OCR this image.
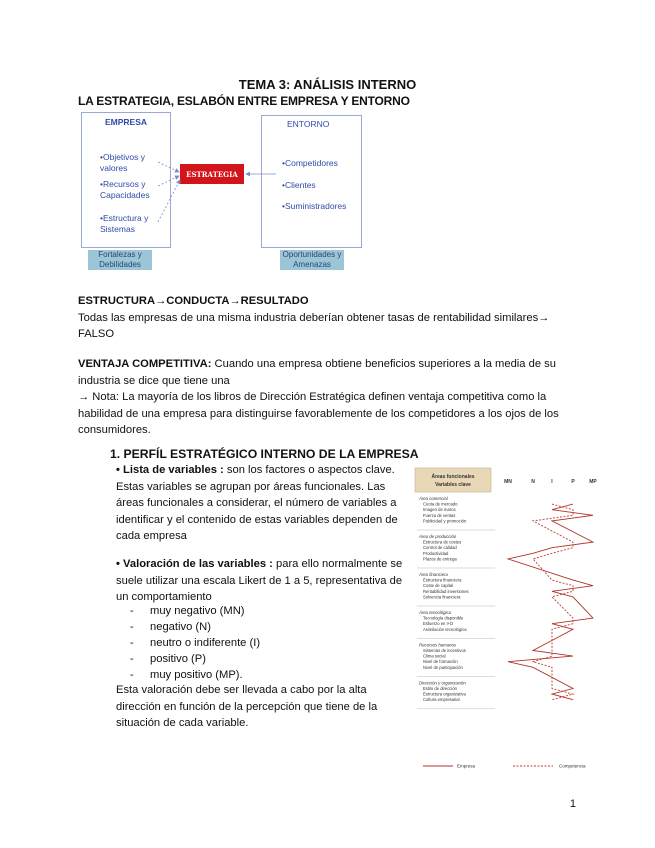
TEMA 3: ANÁLISIS INTERNO
LA ESTRATEGIA, ESLABÓN ENTRE EMPRESA Y ENTORNO
EMPRESA
•Objetivos y valores
•Recursos y Capacidades
•Estructura y Sistemas
ESTRATEGIA
ENTORNO
•Competidores
•Clientes
•Suministradores
Fortalezas y Debilidades
Oportunidades y Amenazas
ESTRUCTURA→CONDUCTA→RESULTADO
Todas las empresas de una misma industria deberían obtener tasas de rentabilidad similares→ FALSO
VENTAJA COMPETITIVA: Cuando una empresa obtiene beneficios superiores a la media de su industria se dice que tiene una
→ Nota: La mayoría de los libros de Dirección Estratégica definen ventaja competitiva como la habilidad de una empresa para distinguirse favorablemente de los competidores a los ojos de los consumidores.
1. PERFÍL ESTRATÉGICO INTERNO DE LA EMPRESA
• Lista de variables : son los factores o aspectos clave. Estas variables se agrupan por áreas funcionales. Las áreas funcionales a considerar, el número de variables a identificar y el contenido de estas variables dependen de cada empresa
• Valoración de las variables : para ello normalmente se suele utilizar una escala Likert de 1 a 5, representativa de un comportamiento
- muy negativo (MN)
- negativo (N)
- neutro o indiferente (I)
- positivo (P)
- muy positivo (MP).
Esta valoración debe ser llevada a cabo por la alta dirección en función de la percepción que tiene de la situación de cada variable.
Áreas funcionales
Variables clave	MN	N	I	P	MP
Área comercial
Cuota de mercado
Imagen de marca
Fuerza de ventas
Publicidad y promoción
Área de producción
Estructura de costes
Control de calidad
Productividad
Plazos de entrega
Área financiera
Estructura financiera
Coste de capital
Rentabilidad inversiones
Solvencia financiera
Área tecnológica
Tecnología disponible
Esfuerzo en I+D
Asimilación tecnológica
Recursos humanos
Sistemas de incentivos
Clima social
Nivel de formación
Nivel de participación
Dirección y organización
Estilo de dirección
Estructura organizativa
Cultura empresarial
Empresa	Competencia
1
